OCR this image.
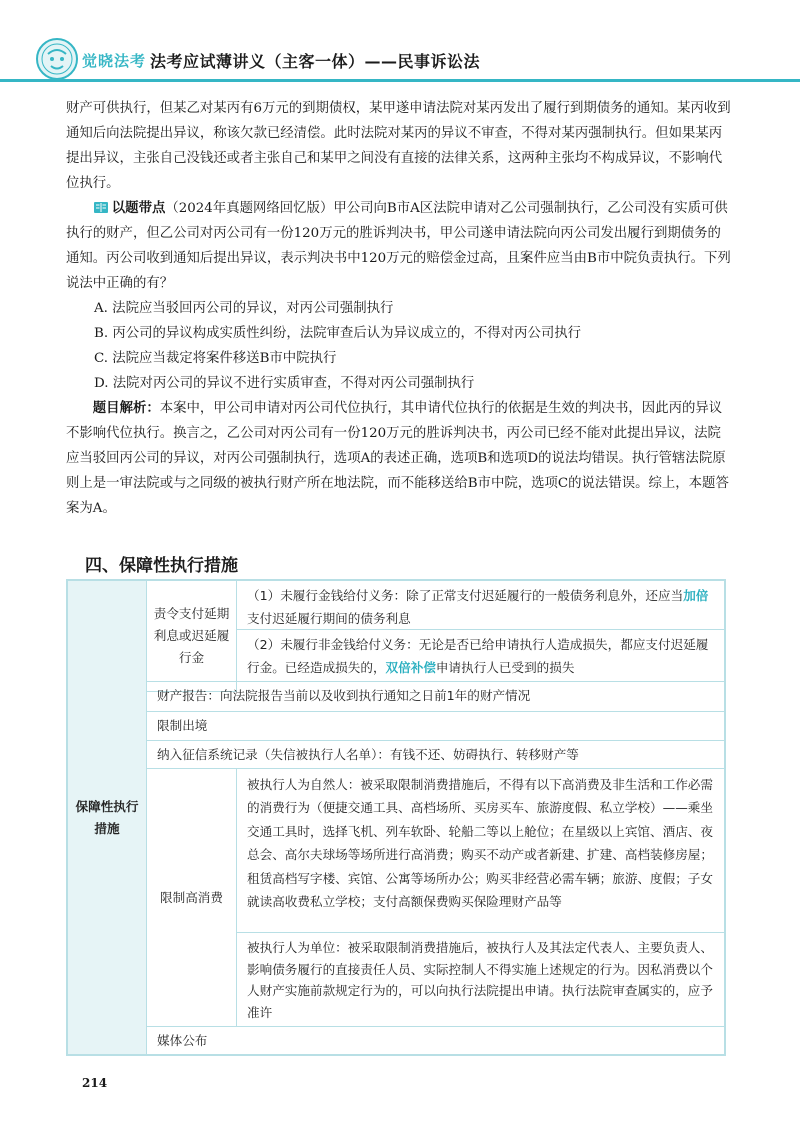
觉晓法考 法考应试薄讲义（主客一体）——民事诉讼法

财产可供执行，但某乙对某丙有6万元的到期债权，某甲遂申请法院对某丙发出了履行到期债务的通知。某丙收到通知后向法院提出异议，称该欠款已经清偿。此时法院对某丙的异议不审查，不得对某丙强制执行。但如果某丙提出异议，主张自己没钱还或者主张自己和某甲之间没有直接的法律关系，这两种主张均不构成异议，不影响代位执行。

以题带点（2024年真题网络回忆版）甲公司向B市A区法院申请对乙公司强制执行，乙公司没有实质可供执行的财产，但乙公司对丙公司有一份120万元的胜诉判决书，甲公司遂申请法院向丙公司发出履行到期债务的通知。丙公司收到通知后提出异议，表示判决书中120万元的赔偿金过高，且案件应当由B市中院负责执行。下列说法中正确的有？

A. 法院应当驳回丙公司的异议，对丙公司强制执行

B. 丙公司的异议构成实质性纠纷，法院审查后认为异议成立的，不得对丙公司执行

C. 法院应当裁定将案件移送B市中院执行

D. 法院对丙公司的异议不进行实质审查，不得对丙公司强制执行

题目解析：本案中，甲公司申请对丙公司代位执行，其申请代位执行的依据是生效的判决书，因此丙的异议不影响代位执行。换言之，乙公司对丙公司有一份120万元的胜诉判决书，丙公司已经不能对此提出异议，法院应当驳回丙公司的异议，对丙公司强制执行，选项A的表述正确，选项B和选项D的说法均错误。执行管辖法院原则上是一审法院或与之同级的被执行财产所在地法院，而不能移送给B市中院，选项C的说法错误。综上，本题答案为A。

四、保障性执行措施
保障性执行措施
责令支付延期利息或迟延履行金
（1）未履行金钱给付义务：除了正常支付迟延履行的一般债务利息外，还应当加倍支付迟延履行期间的债务利息
（2）未履行非金钱给付义务：无论是否已给申请执行人造成损失，都应支付迟延履行金。已经造成损失的，双倍补偿申请执行人已受到的损失
财产报告：向法院报告当前以及收到执行通知之日前1年的财产情况
限制出境
纳入征信系统记录（失信被执行人名单）：有钱不还、妨碍执行、转移财产等
限制高消费
被执行人为自然人：被采取限制消费措施后，不得有以下高消费及非生活和工作必需的消费行为（便捷交通工具、高档场所、买房买车、旅游度假、私立学校）——乘坐交通工具时，选择飞机、列车软卧、轮船二等以上舱位；在星级以上宾馆、酒店、夜总会、高尔夫球场等场所进行高消费；购买不动产或者新建、扩建、高档装修房屋；租赁高档写字楼、宾馆、公寓等场所办公；购买非经营必需车辆；旅游、度假；子女就读高收费私立学校；支付高额保费购买保险理财产品等
被执行人为单位：被采取限制消费措施后，被执行人及其法定代表人、主要负责人、影响债务履行的直接责任人员、实际控制人不得实施上述规定的行为。因私消费以个人财产实施前款规定行为的，可以向执行法院提出申请。执行法院审查属实的，应予准许
媒体公布
214
